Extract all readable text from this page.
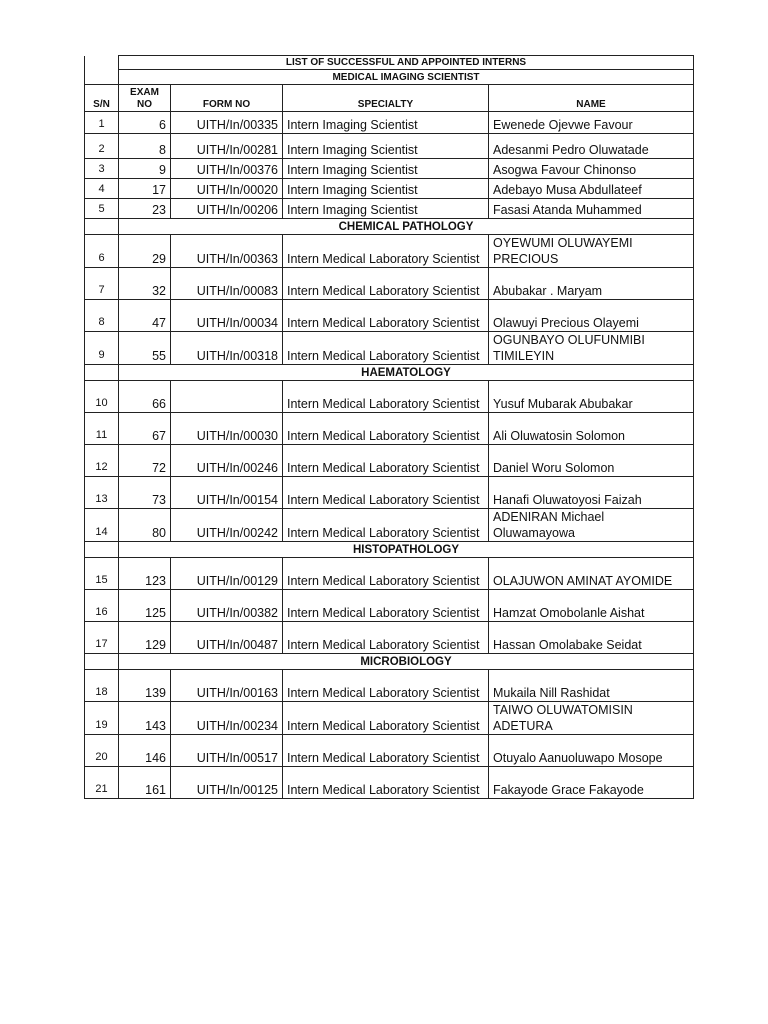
	LIST OF SUCCESSFUL AND APPOINTED INTERNS			
	MEDICAL IMAGING SCIENTIST			
S/N	EXAM NO	FORM NO	SPECIALTY	NAME
1	6	UITH/In/00335	Intern Imaging Scientist	Ewenede Ojevwe Favour
2	8	UITH/In/00281	Intern Imaging Scientist	Adesanmi Pedro Oluwatade
3	9	UITH/In/00376	Intern Imaging Scientist	Asogwa Favour Chinonso
4	17	UITH/In/00020	Intern Imaging Scientist	Adebayo Musa Abdullateef
5	23	UITH/In/00206	Intern Imaging Scientist	Fasasi Atanda Muhammed
	CHEMICAL PATHOLOGY			
6	29	UITH/In/00363	Intern Medical Laboratory Scientist	OYEWUMI OLUWAYEMI PRECIOUS
7	32	UITH/In/00083	Intern Medical Laboratory Scientist	Abubakar . Maryam
8	47	UITH/In/00034	Intern Medical Laboratory Scientist	Olawuyi Precious Olayemi
9	55	UITH/In/00318	Intern Medical Laboratory Scientist	OGUNBAYO OLUFUNMIBI TIMILEYIN
	HAEMATOLOGY			
10	66		Intern Medical Laboratory Scientist	Yusuf Mubarak Abubakar
11	67	UITH/In/00030	Intern Medical Laboratory Scientist	Ali Oluwatosin Solomon
12	72	UITH/In/00246	Intern Medical Laboratory Scientist	Daniel Woru Solomon
13	73	UITH/In/00154	Intern Medical Laboratory Scientist	Hanafi Oluwatoyosi Faizah
14	80	UITH/In/00242	Intern Medical Laboratory Scientist	ADENIRAN Michael Oluwamayowa
	HISTOPATHOLOGY			
15	123	UITH/In/00129	Intern Medical Laboratory Scientist	OLAJUWON AMINAT AYOMIDE
16	125	UITH/In/00382	Intern Medical Laboratory Scientist	Hamzat Omobolanle Aishat
17	129	UITH/In/00487	Intern Medical Laboratory Scientist	Hassan Omolabake Seidat
	MICROBIOLOGY			
18	139	UITH/In/00163	Intern Medical Laboratory Scientist	Mukaila Nill Rashidat
19	143	UITH/In/00234	Intern Medical Laboratory Scientist	TAIWO OLUWATOMISIN ADETURA
20	146	UITH/In/00517	Intern Medical Laboratory Scientist	Otuyalo Aanuoluwapo Mosope
21	161	UITH/In/00125	Intern Medical Laboratory Scientist	Fakayode Grace Fakayode
